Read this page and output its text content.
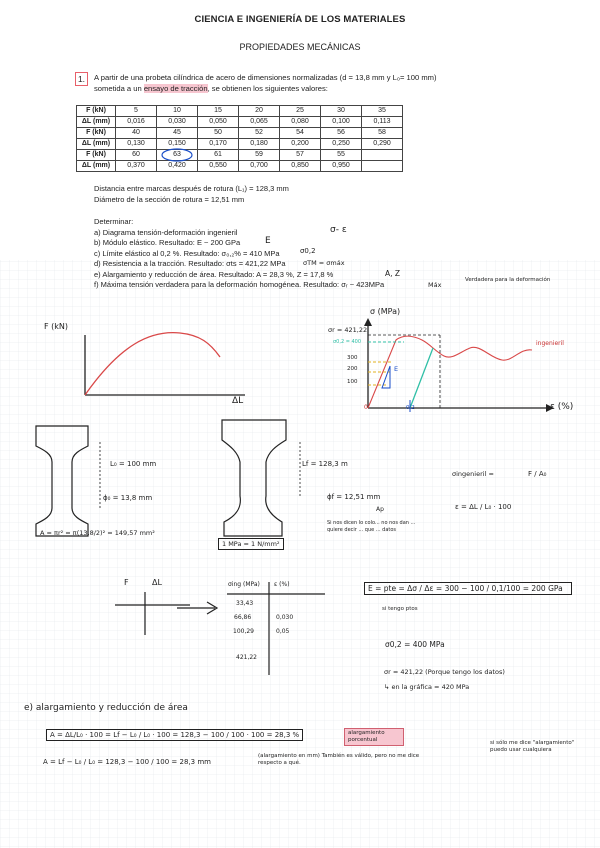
CIENCIA E INGENIERÍA DE LOS MATERIALES
PROPIEDADES MECÁNICAS
1.	A partir de una probeta cilíndrica de acero de dimensiones normalizadas (d = 13,8 mm y L₀= 100 mm)
sometida a un ensayo de tracción, se obtienen los siguientes valores:
F (kN)	5	10	15	20	25	30	35
ΔL (mm)	0,016	0,030	0,050	0,065	0,080	0,100	0,113
F (kN)	40	45	50	52	54	56	58
ΔL (mm)	0,130	0,150	0,170	0,180	0,200	0,250	0,290
F (kN)	60	63	61	59	57	55	
ΔL (mm)	0,370	0,420	0,550	0,700	0,850	0,950	
Distancia entre marcas después de rotura (L₁) = 128,3 mm
Diámetro de la sección de rotura = 12,51 mm
Determinar:
a) Diagrama tensión-deformación ingenieril
b) Módulo elástico. Resultado: E ~ 200 GPa
c) Límite elástico al 0,2 %. Resultado: σ₀,₂% = 410 MPa
d) Resistencia a la tracción. Resultado: σts = 421,22 MPa
e) Alargamiento y reducción de área. Resultado: A = 28,3 %, Z = 17,8 %
f) Máxima tensión verdadera para la deformación homogénea. Resultado: σᵣ ~ 423MPa
σ- ε
E
σ0,2
σTM = σmáx
A, Z
Máx
Verdadera para la deformación
F (kN)
ΔL
σ (MPa)
ε (%)
σr = 421,22
σ0,2 = 400
300
200
100
E
0	0,2
ingenieril
L₀ = 100 mm	Lf = 128,3 m
ϕ₀ = 13,8 mm	ϕf = 12,51 mm
Ap
A = πr² = π(13,8/2)² = 149,57 mm²
Si nos dicen lo colo... no nos dan ... quiere decir ... que ... datos
1 MPa = 1 N/mm²
σingenieril =	F / A₀
ε = ΔL / L₀ · 100
F	ΔL	σing (MPa) ε (%)
33,43
66,86	0,030
100,29	0,05
421,22
E = pte = Δσ / Δε = 300 − 100 / 0,1/100 = 200 GPa
si tengo ptos
σ0,2 = 400 MPa
σr = 421,22 (Porque tengo los datos)
↳ en la gráfica = 420 MPa
e) alargamiento y reducción de área
A = ΔL/L₀ · 100 = Lf − L₀ / L₀ · 100 = 128,3 − 100 / 100 · 100 = 28,3 %	alargamiento porcentual
A = Lf − L₀ / L₀ = 128,3 − 100 / 100 = 28,3 mm
(alargamiento en mm) También es válido, pero no me dice respecto a qué.
si sólo me dice "alargamiento" puedo usar cualquiera
